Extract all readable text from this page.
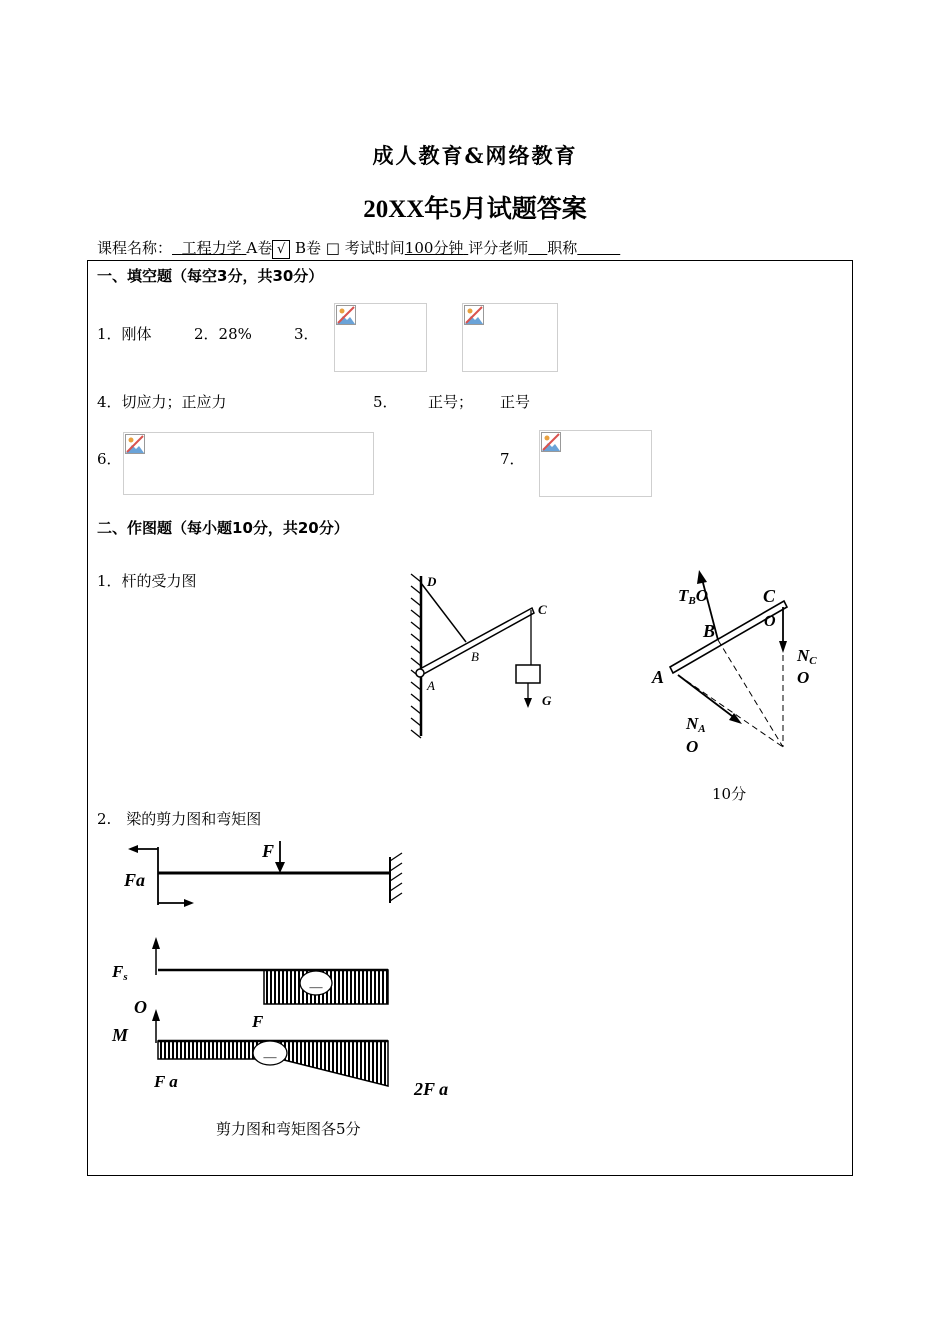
成人教育&网络教育
20XX年5月试题答案
课程名称： 工程力学 A卷 √ B卷 □ 考试时间100分钟 评分老师 职称
一、填空题（每空3分，共30分）
1．刚体	2．28%	3．
4．切应力；正应力	5． 正号； 正号
6．	7．
二、作图题（每小题10分，共20分）
1．杆的受力图	D
C
B
A
G
TBO	C
O
B
NC
O
A
NA
O
10分
2.　梁的剪力图和弯矩图
F
Fa
—
Fs
O
F
—
M
F a	2F a
剪力图和弯矩图各5分
